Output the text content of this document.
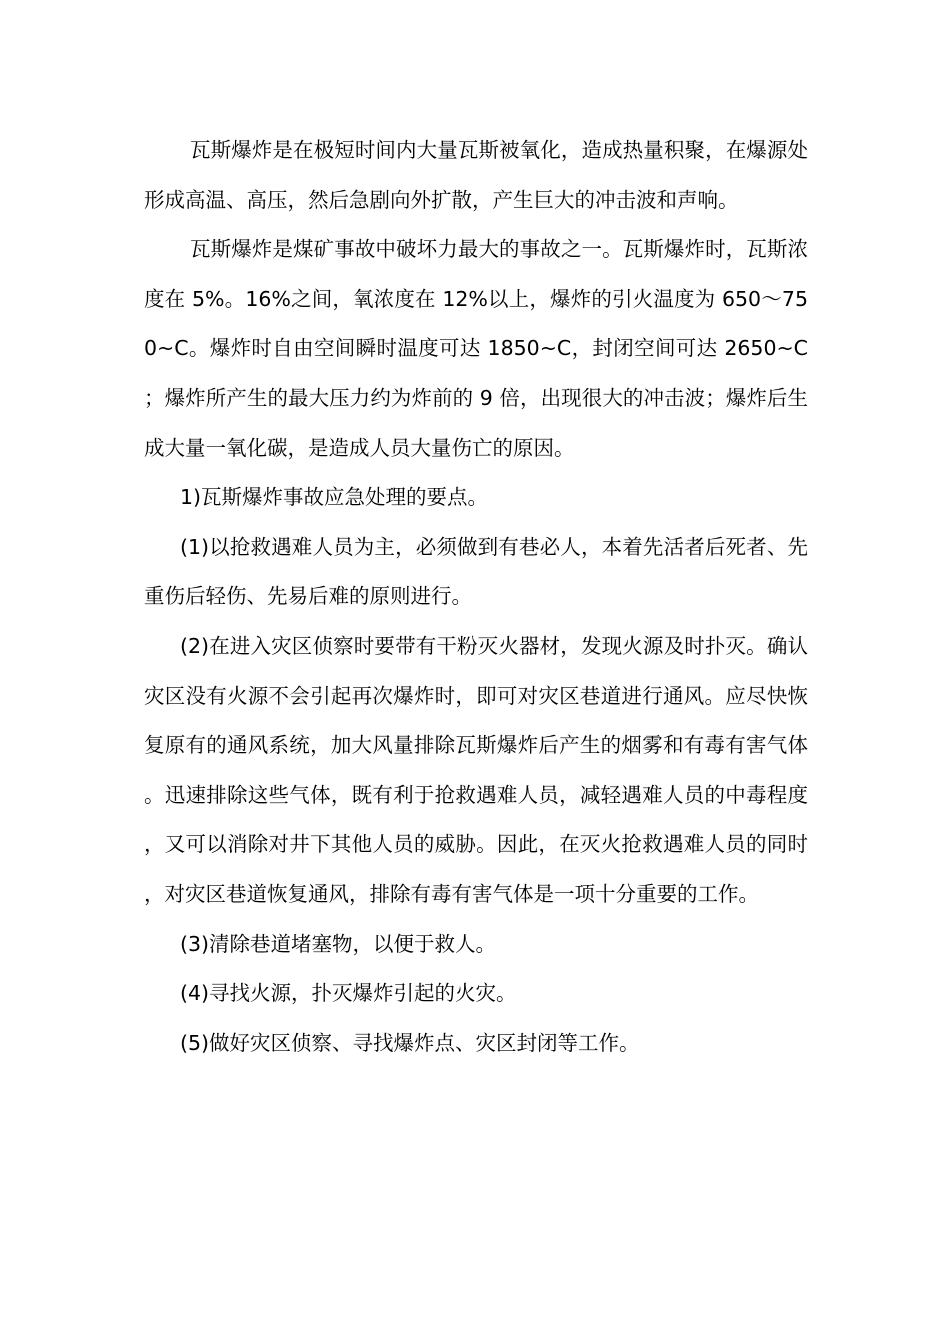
瓦斯爆炸是在极短时间内大量瓦斯被氧化，造成热量积聚，在爆源处形成高温、高压，然后急剧向外扩散，产生巨大的冲击波和声响。

瓦斯爆炸是煤矿事故中破坏力最大的事故之一。瓦斯爆炸时，瓦斯浓度在 5%。16%之间，氧浓度在 12%以上，爆炸的引火温度为 650～750~C。爆炸时自由空间瞬时温度可达 1850~C，封闭空间可达 2650~C；爆炸所产生的最大压力约为炸前的 9 倍，出现很大的冲击波；爆炸后生成大量一氧化碳，是造成人员大量伤亡的原因。

1)瓦斯爆炸事故应急处理的要点。

(1)以抢救遇难人员为主，必须做到有巷必人，本着先活者后死者、先重伤后轻伤、先易后难的原则进行。

(2)在进入灾区侦察时要带有干粉灭火器材，发现火源及时扑灭。确认灾区没有火源不会引起再次爆炸时，即可对灾区巷道进行通风。应尽快恢复原有的通风系统，加大风量排除瓦斯爆炸后产生的烟雾和有毒有害气体。迅速排除这些气体，既有利于抢救遇难人员，减轻遇难人员的中毒程度，又可以消除对井下其他人员的威胁。因此，在灭火抢救遇难人员的同时，对灾区巷道恢复通风，排除有毒有害气体是一项十分重要的工作。

(3)清除巷道堵塞物，以便于救人。

(4)寻找火源，扑灭爆炸引起的火灾。

(5)做好灾区侦察、寻找爆炸点、灾区封闭等工作。
